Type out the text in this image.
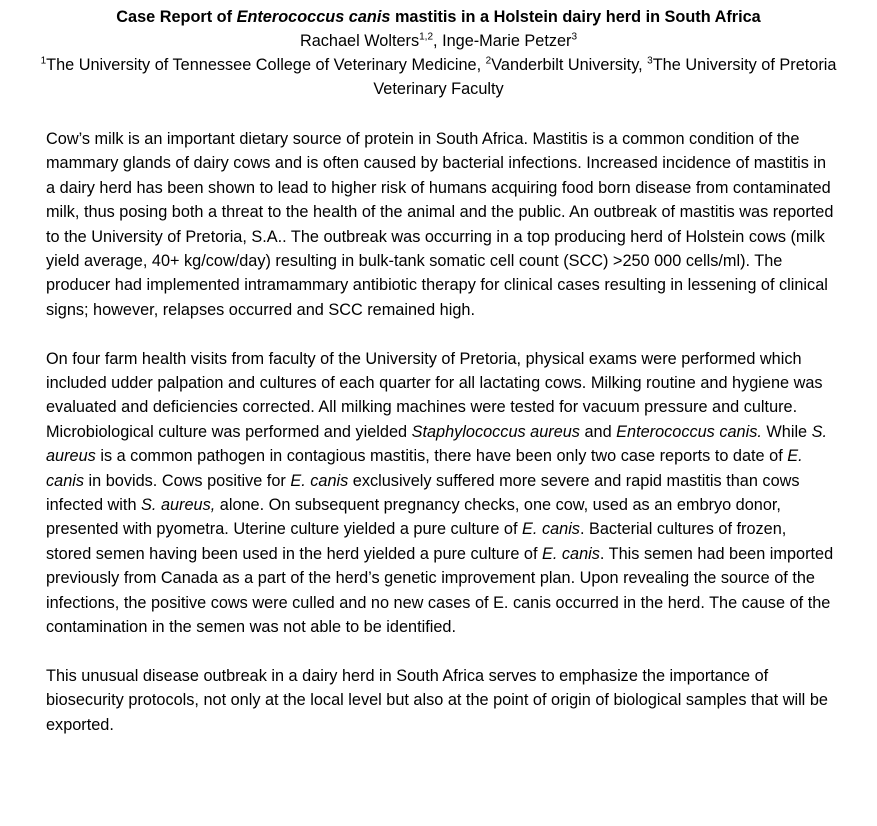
Case Report of Enterococcus canis mastitis in a Holstein dairy herd in South Africa
Rachael Wolters$^{1,2}$, Inge-Marie Petzer$^3$
$^1$The University of Tennessee College of Veterinary Medicine, $^2$Vanderbilt University, $^3$The University of Pretoria Veterinary Faculty

Cow’s milk is an important dietary source of protein in South Africa. Mastitis is a common condition of the mammary glands of dairy cows and is often caused by bacterial infections. Increased incidence of mastitis in a dairy herd has been shown to lead to higher risk of humans acquiring food born disease from contaminated milk, thus posing both a threat to the health of the animal and the public. An outbreak of mastitis was reported to the University of Pretoria, S.A.. The outbreak was occurring in a top producing herd of Holstein cows (milk yield average, 40+ kg/cow/day) resulting in bulk-tank somatic cell count (SCC) >250 000 cells/ml). The producer had implemented intramammary antibiotic therapy for clinical cases resulting in lessening of clinical signs; however, relapses occurred and SCC remained high.

On four farm health visits from faculty of the University of Pretoria, physical exams were performed which included udder palpation and cultures of each quarter for all lactating cows. Milking routine and hygiene was evaluated and deficiencies corrected. All milking machines were tested for vacuum pressure and culture. Microbiological culture was performed and yielded Staphylococcus aureus and Enterococcus canis. While S. aureus is a common pathogen in contagious mastitis, there have been only two case reports to date of E. canis in bovids. Cows positive for E. canis exclusively suffered more severe and rapid mastitis than cows infected with S. aureus, alone. On subsequent pregnancy checks, one cow, used as an embryo donor, presented with pyometra. Uterine culture yielded a pure culture of E. canis. Bacterial cultures of frozen, stored semen having been used in the herd yielded a pure culture of E. canis. This semen had been imported previously from Canada as a part of the herd’s genetic improvement plan. Upon revealing the source of the infections, the positive cows were culled and no new cases of E. canis occurred in the herd. The cause of the contamination in the semen was not able to be identified.

This unusual disease outbreak in a dairy herd in South Africa serves to emphasize the importance of biosecurity protocols, not only at the local level but also at the point of origin of biological samples that will be exported.
